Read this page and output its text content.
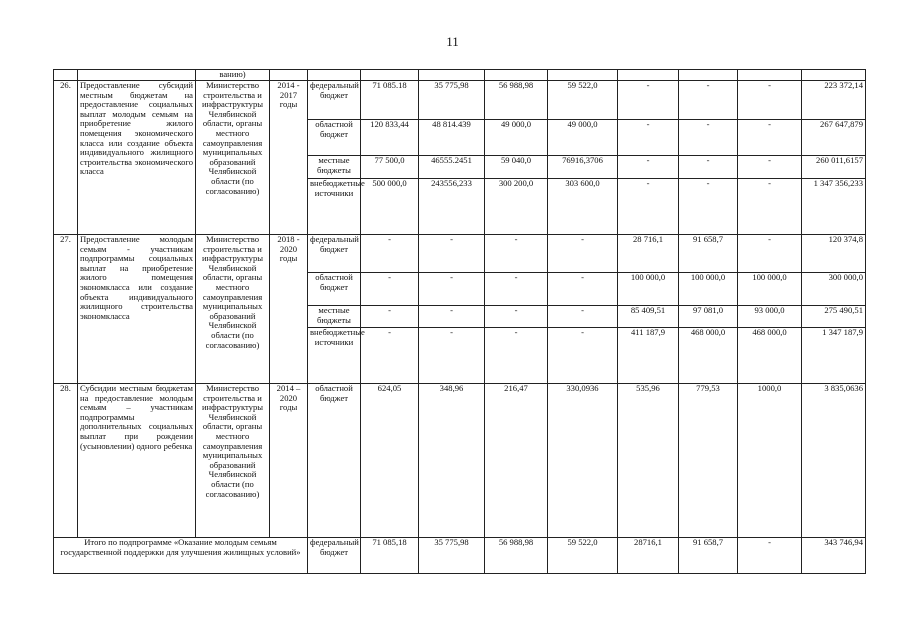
11
		ванию)										
26.	Предоставление субсидий местным бюджетам на предоставление социальных выплат молодым семьям на приобретение жилого помещения экономического класса или создание объекта индивидуального жилищного строительства экономического класса	Министерство строительства и инфраструктуры Челябинской области, органы местного самоуправления муниципальных образований Челябинской области (по согласованию)	2014 - 2017 годы	федеральный бюджет	71 085.18	35 775,98	56 988,98	59 522,0	-	-	-	223 372,14
				областной бюджет	120 833,44	48 814.439	49 000,0	49 000,0	-	-	-	267 647,879
				местные бюджеты	77 500,0	46555.2451	59 040,0	76916,3706	-	-	-	260 011,6157
				внебюджетные источники	500 000,0	243556,233	300 200,0	303 600,0	-	-	-	1 347 356,233
27.	Предоставление молодым семьям - участникам подпрограммы социальных выплат на приобретение жилого помещения экономкласса или создание объекта индивидуального жилищного строительства экономкласса	Министерство строительства и инфраструктуры Челябинской области, органы местного самоуправления муниципальных образований Челябинской области (по согласованию)	2018 - 2020 годы	федеральный бюджет	-	-	-	-	28 716,1	91 658,7	-	120 374,8
				областной бюджет	-	-	-	-	100 000,0	100 000,0	100 000,0	300 000,0
				местные бюджеты	-	-	-	-	85 409,51	97 081,0	93 000,0	275 490,51
				внебюджетные источники	-	-	-	-	411 187,9	468 000,0	468 000,0	1 347 187,9
28.	Субсидии местным бюджетам на предоставление молодым семьям – участникам подпрограммы дополнительных социальных выплат при рождении (усыновлении) одного ребенка	Министерство строительства и инфраструктуры Челябинской области, органы местного самоуправления муниципальных образований Челябинской области (по согласованию)	2014 – 2020 годы	областной бюджет	624,05	348,96	216,47	330,0936	535,96	779,53	1000,0	3 835,0636
Итого по подпрограмме «Оказание молодым семьям государственной поддержки для улучшения жилищных условий»				федеральный бюджет	71 085,18	35 775,98	56 988,98	59 522,0	28716,1	91 658,7	-	343 746,94
